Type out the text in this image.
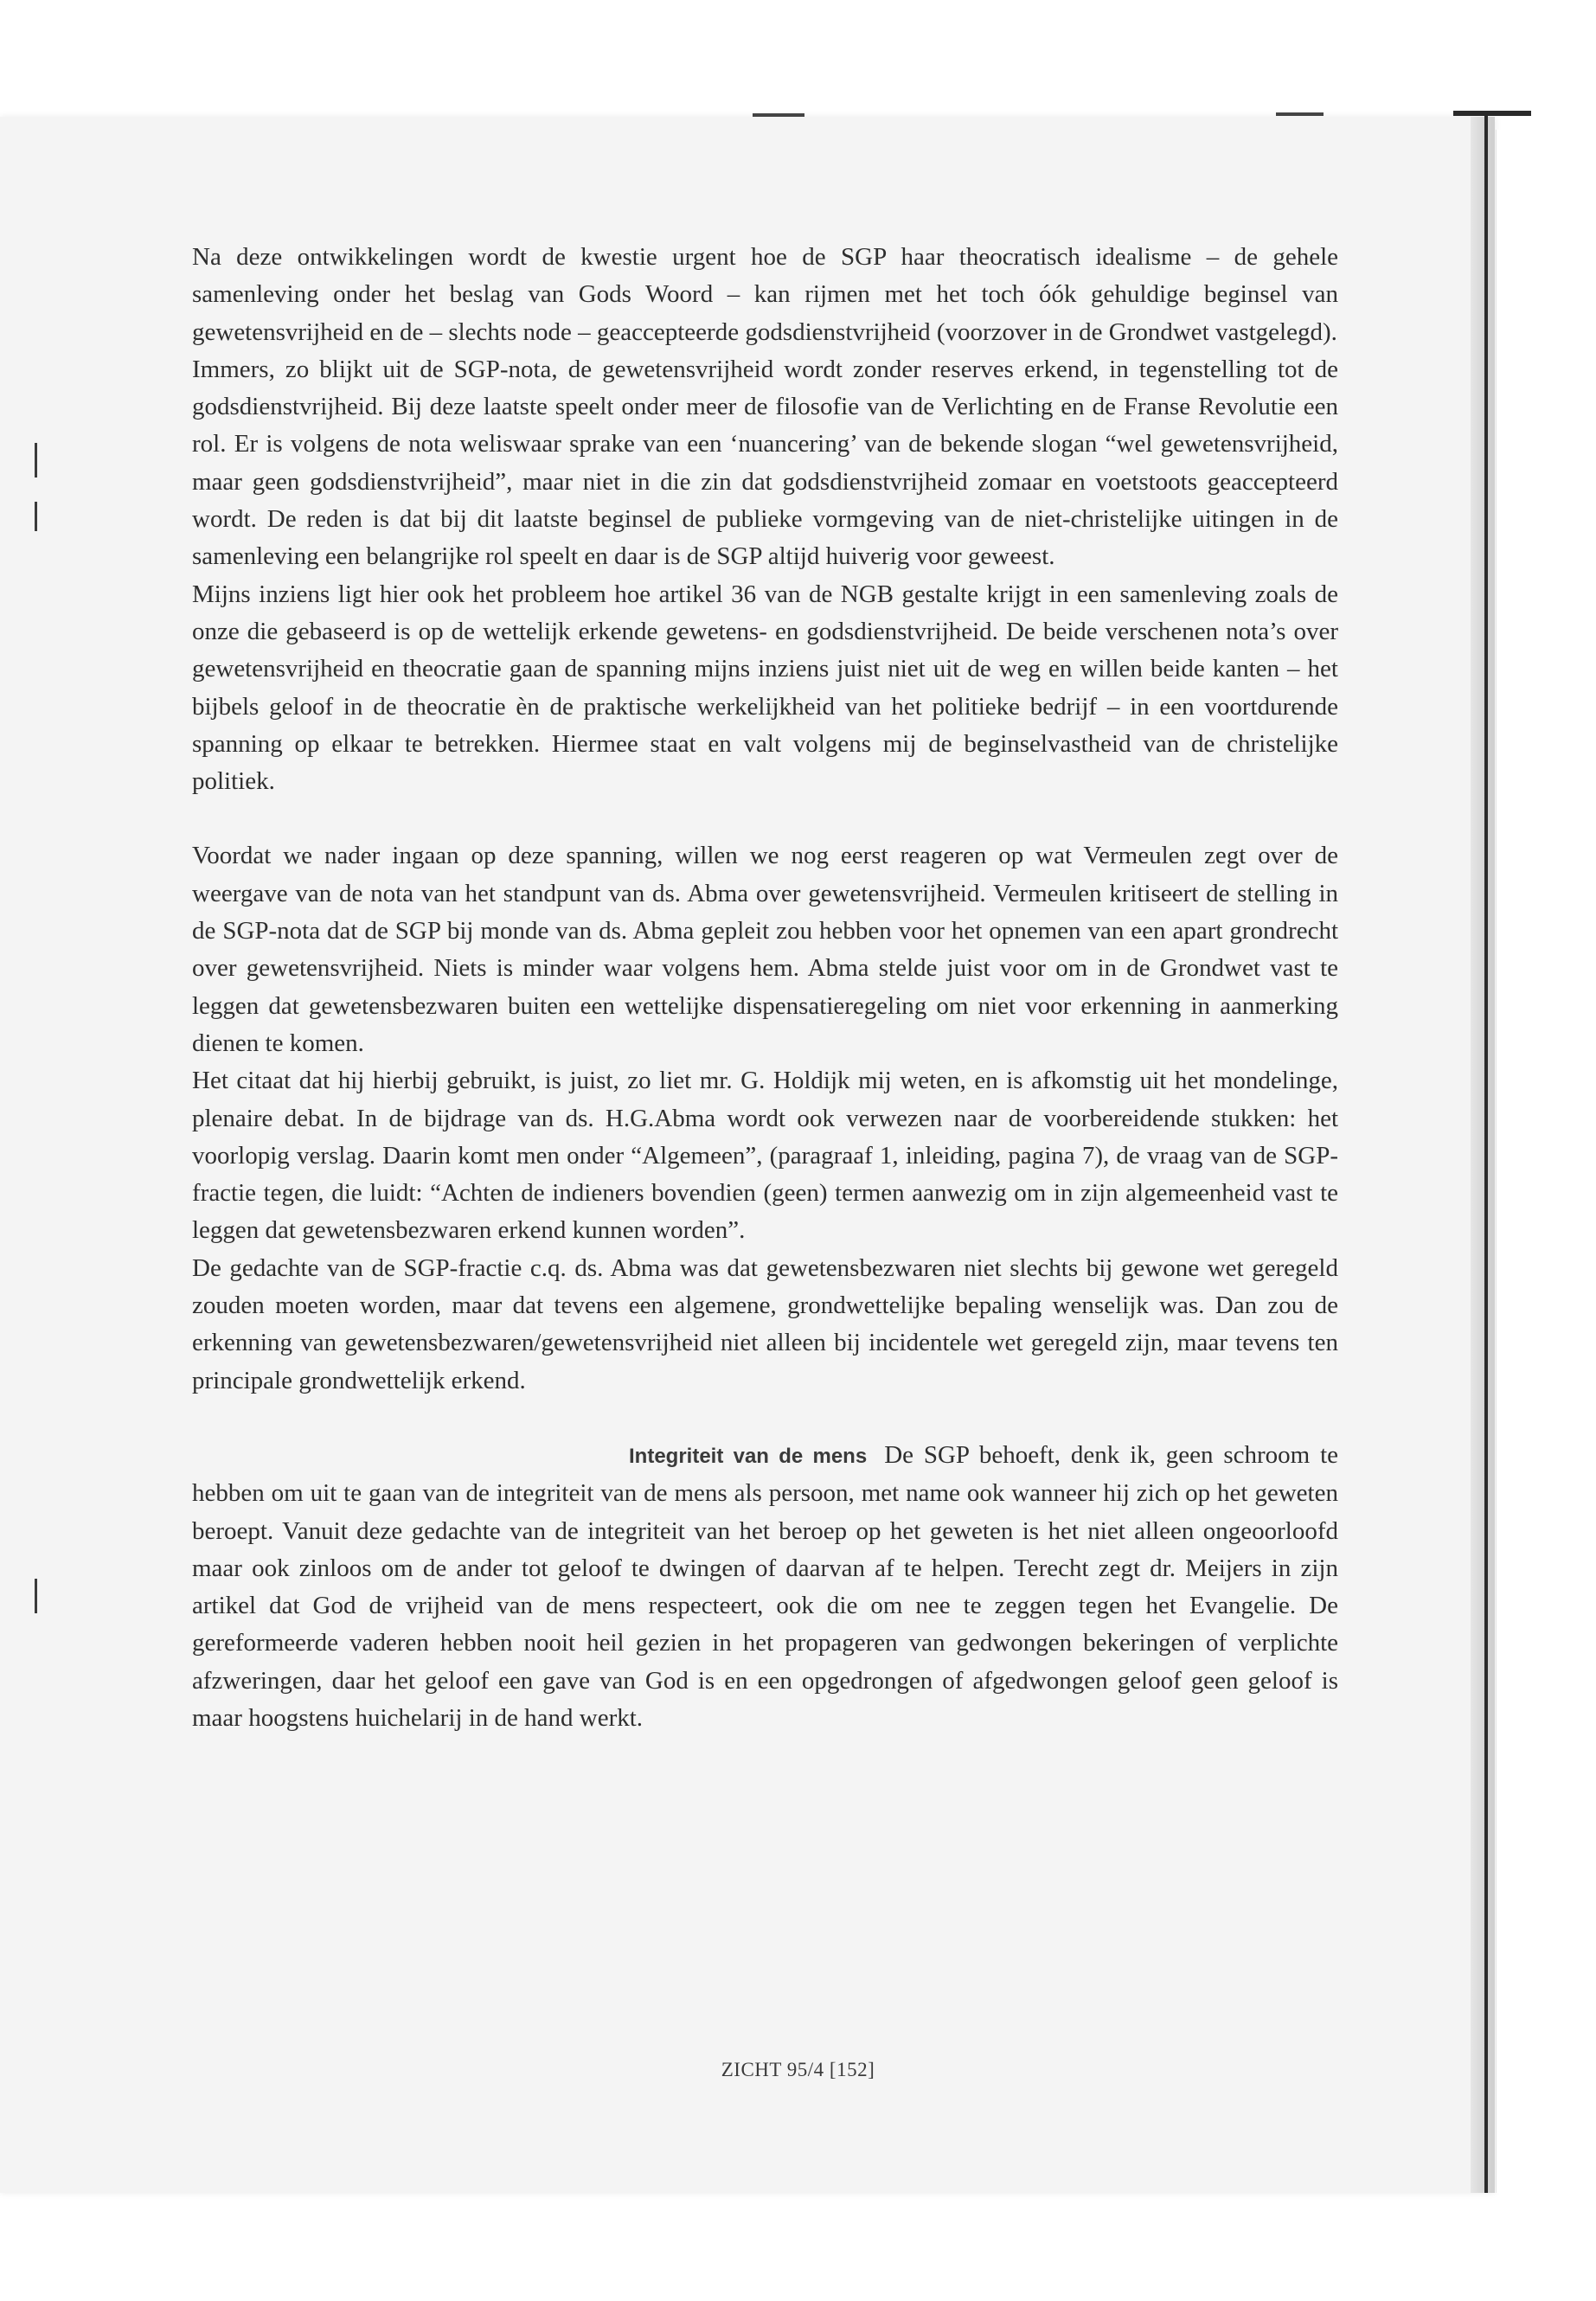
Na deze ontwikkelingen wordt de kwestie urgent hoe de SGP haar theocratisch idealisme – de gehele samenleving onder het beslag van Gods Woord – kan rijmen met het toch óók gehuldige beginsel van gewetensvrijheid en de – slechts node – geaccepteerde godsdienstvrijheid (voorzover in de Grondwet vastgelegd).

Immers, zo blijkt uit de SGP-nota, de gewetensvrijheid wordt zonder reserves erkend, in tegenstelling tot de godsdienstvrijheid. Bij deze laatste speelt onder meer de filosofie van de Verlichting en de Franse Revolutie een rol. Er is volgens de nota weliswaar sprake van een ‘nuancering’ van de bekende slogan “wel gewetensvrijheid, maar geen godsdienstvrijheid”, maar niet in die zin dat godsdienstvrijheid zomaar en voetstoots geaccepteerd wordt. De reden is dat bij dit laatste beginsel de publieke vormgeving van de niet-christelijke uitingen in de samenleving een belangrijke rol speelt en daar is de SGP altijd huiverig voor geweest.

Mijns inziens ligt hier ook het probleem hoe artikel 36 van de NGB gestalte krijgt in een samenleving zoals de onze die gebaseerd is op de wettelijk erkende gewetens- en godsdienstvrijheid. De beide verschenen nota’s over gewetensvrijheid en theocratie gaan de spanning mijns inziens juist niet uit de weg en willen beide kanten – het bijbels geloof in de theocratie èn de praktische werkelijkheid van het politieke bedrijf – in een voortdurende spanning op elkaar te betrekken. Hiermee staat en valt volgens mij de beginselvastheid van de christelijke politiek.

Voordat we nader ingaan op deze spanning, willen we nog eerst reageren op wat Vermeulen zegt over de weergave van de nota van het standpunt van ds. Abma over gewetensvrijheid. Vermeulen kritiseert de stelling in de SGP-nota dat de SGP bij monde van ds. Abma gepleit zou hebben voor het opnemen van een apart grondrecht over gewetensvrijheid. Niets is minder waar volgens hem. Abma stelde juist voor om in de Grondwet vast te leggen dat gewetensbezwaren buiten een wettelijke dispensatieregeling om niet voor erkenning in aanmerking dienen te komen.

Het citaat dat hij hierbij gebruikt, is juist, zo liet mr. G. Holdijk mij weten, en is afkomstig uit het mondelinge, plenaire debat. In de bijdrage van ds. H.G.Abma wordt ook verwezen naar de voorbereidende stukken: het voorlopig verslag. Daarin komt men onder “Algemeen”, (paragraaf 1, inleiding, pagina 7), de vraag van de SGP-fractie tegen, die luidt: “Achten de indieners bovendien (geen) termen aanwezig om in zijn algemeenheid vast te leggen dat gewetensbezwaren erkend kunnen worden”.

De gedachte van de SGP-fractie c.q. ds. Abma was dat gewetensbezwaren niet slechts bij gewone wet geregeld zouden moeten worden, maar dat tevens een algemene, grondwettelijke bepaling wenselijk was. Dan zou de erkenning van gewetensbezwaren/gewetensvrijheid niet alleen bij incidentele wet geregeld zijn, maar tevens ten principale grondwettelijk erkend.

Integriteit van de mens De SGP behoeft, denk ik, geen schroom te hebben om uit te gaan van de integriteit van de mens als persoon, met name ook wanneer hij zich op het geweten beroept. Vanuit deze gedachte van de integriteit van het beroep op het geweten is het niet alleen ongeoorloofd maar ook zinloos om de ander tot geloof te dwingen of daarvan af te helpen. Terecht zegt dr. Meijers in zijn artikel dat God de vrijheid van de mens respecteert, ook die om nee te zeggen tegen het Evangelie. De gereformeerde vaderen hebben nooit heil gezien in het propageren van gedwongen bekeringen of verplichte afzweringen, daar het geloof een gave van God is en een opgedrongen of afgedwongen geloof geen geloof is maar hoogstens huichelarij in de hand werkt.

ZICHT 95/4 [152]
